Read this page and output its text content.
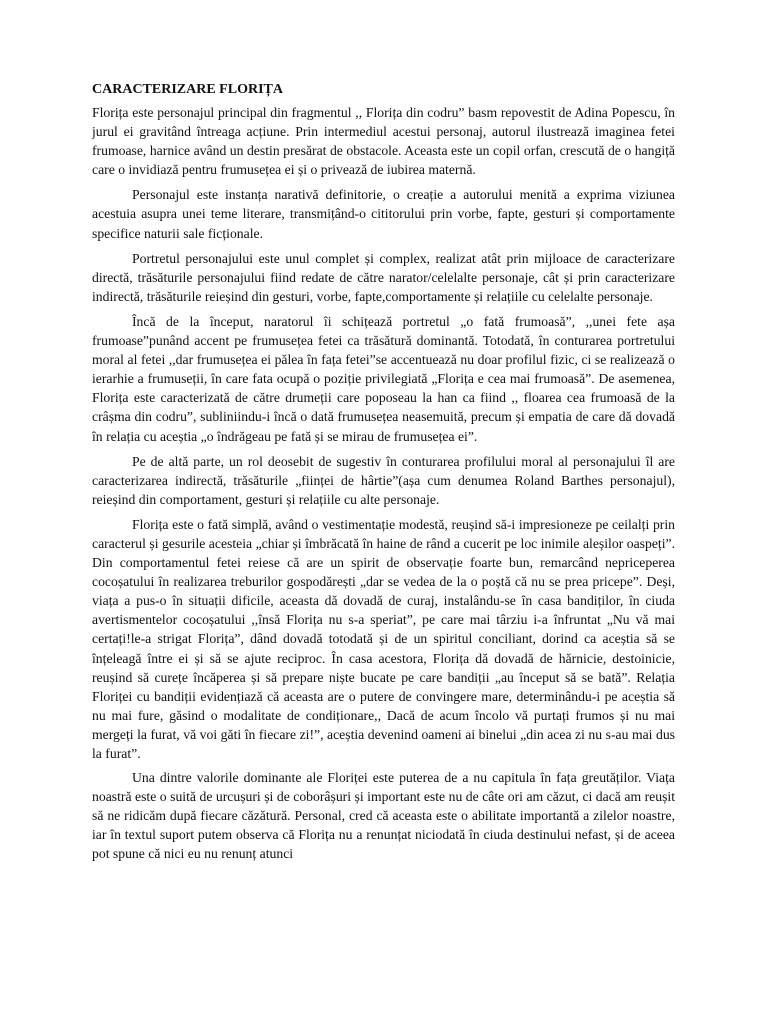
CARACTERIZARE FLORIȚA

Florița este personajul principal din fragmentul ,, Florița din codru” basm repovestit de Adina Popescu, în jurul ei gravitând întreaga acțiune. Prin intermediul acestui personaj, autorul ilustrează imaginea fetei frumoase, harnice având un destin presărat de obstacole. Aceasta este un copil orfan, crescută de o hangiță care o invidiază pentru frumusețea ei și o privează de iubirea maternă.

Personajul este instanța narativă definitorie, o creație a autorului menită a exprima viziunea acestuia asupra unei teme literare, transmițând-o cititorului prin vorbe, fapte, gesturi și comportamente specifice naturii sale ficționale.

Portretul personajului este unul complet și complex, realizat atât prin mijloace de caracterizare directă, trăsăturile personajului fiind redate de către narator/celelalte personaje, cât și prin caracterizare indirectă, trăsăturile reieșind din gesturi, vorbe, fapte,comportamente și relațiile cu celelalte personaje.

Încă de la început, naratorul îi schițează portretul „o fată frumoasă”, ,,unei fete așa frumoase”punând accent pe frumusețea fetei ca trăsătură dominantă. Totodată, în conturarea portretului moral al fetei ,,dar frumusețea ei pălea în fața fetei”se accentuează nu doar profilul fizic, ci se realizează o ierarhie a frumuseții, în care fata ocupă o poziție privilegiată „Florița e cea mai frumoasă”. De asemenea, Florița este caracterizată de către drumeții care poposeau la han ca fiind ,, floarea cea frumoasă de la crâșma din codru”, subliniindu-i încă o dată frumusețea neasemuită, precum și empatia de care dă dovadă în relația cu aceștia „o îndrăgeau pe fată și se mirau de frumusețea ei”.

Pe de altă parte, un rol deosebit de sugestiv în conturarea profilului moral al personajului îl are caracterizarea indirectă, trăsăturile „ființei de hârtie”(așa cum denumea Roland Barthes personajul), reieșind din comportament, gesturi și relațiile cu alte personaje.

Florița este o fată simplă, având o vestimentație modestă, reușind să-i impresioneze pe ceilalți prin caracterul și gesurile acesteia „chiar și îmbrăcată în haine de rând a cucerit pe loc inimile aleșilor oaspeți”. Din comportamentul fetei reiese că are un spirit de observație foarte bun, remarcând nepriceperea cocoșatului în realizarea treburilor gospodărești „dar se vedea de la o poștă că nu se prea pricepe”. Deși, viața a pus-o în situații dificile, aceasta dă dovadă de curaj, instalându-se în casa bandiților, în ciuda avertismentelor cocoșatului ,,însă Florița nu s-a speriat”, pe care mai târziu i-a înfruntat „Nu vă mai certați!le-a strigat Florița”, dând dovadă totodată și de un spiritul conciliant, dorind ca aceștia să se înțeleagă între ei și să se ajute reciproc. În casa acestora, Florița dă dovadă de hărnicie, destoinicie, reușind să curețe încăperea și să prepare niște bucate pe care bandiții „au început să se bată”. Relația Floriței cu bandiții evidențiază că aceasta are o putere de convingere mare, determinându-i pe aceștia să nu mai fure, găsind o modalitate de condiționare,, Dacă de acum încolo vă purtați frumos și nu mai mergeți la furat, vă voi găti în fiecare zi!”, aceștia devenind oameni ai binelui „din acea zi nu s-au mai dus la furat”.

Una dintre valorile dominante ale Floriței este puterea de a nu capitula în fața greutăților. Viața noastră este o suită de urcușuri și de coborâșuri și important este nu de câte ori am căzut, ci dacă am reușit să ne ridicăm după fiecare căzătură. Personal, cred că aceasta este o abilitate importantă a zilelor noastre, iar în textul suport putem observa că Florița nu a renunțat niciodată în ciuda destinului nefast, și de aceea pot spune că nici eu nu renunț atunci
